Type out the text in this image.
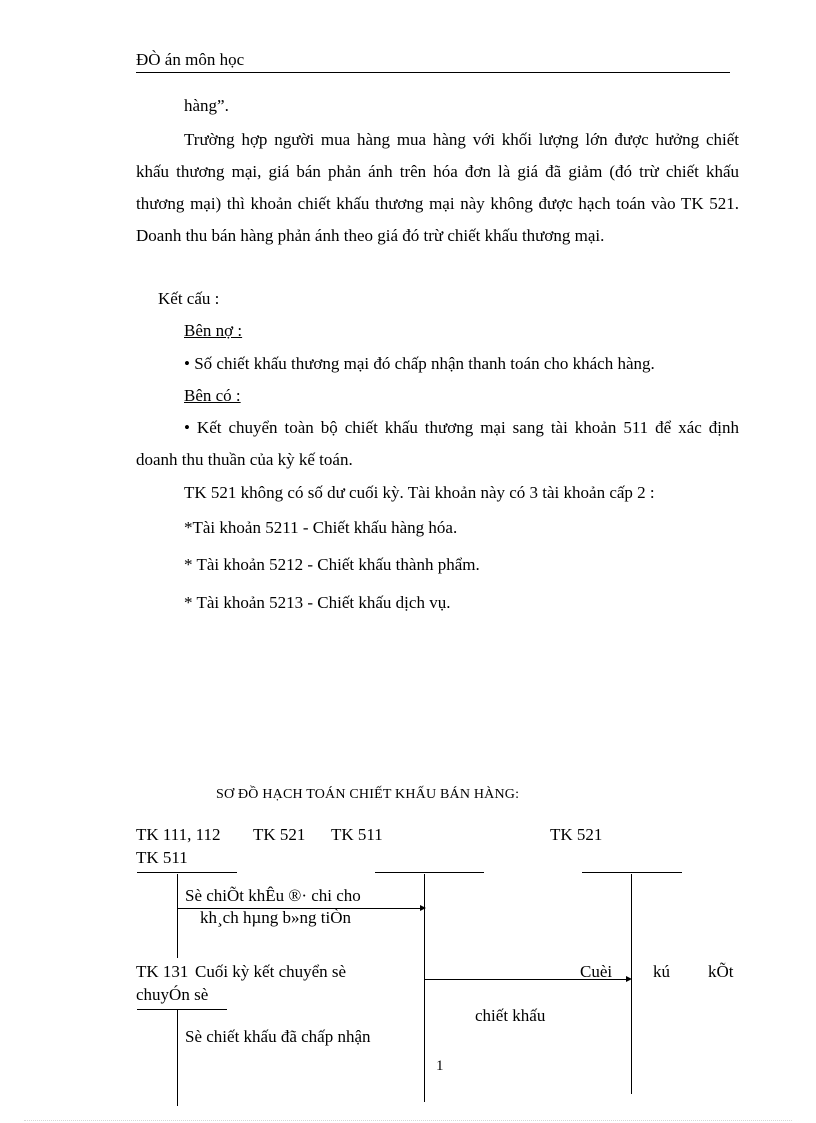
ĐÒ án môn học
hàng”.
Trường hợp người mua hàng mua hàng với khối lượng lớn được hưởng chiết khấu thương mại, giá bán phản ánh trên hóa đơn là giá đã giảm (đó trừ chiết khấu thương mại) thì khoản chiết khấu thương mại này không được hạch toán vào TK 521. Doanh thu bán hàng phản ánh theo giá đó trừ chiết khấu thương mại.
Kết cấu :
Bên nợ :
• Số chiết khấu thương mại đó chấp nhận thanh toán cho khách hàng.
Bên có :
• Kết chuyển toàn bộ chiết khấu thương mại sang tài khoản 511 để xác định doanh thu thuần của kỳ kế toán.
TK 521 không có số dư cuối kỳ. Tài khoản này có 3 tài khoản cấp 2 :
*Tài khoản 5211 - Chiết khấu hàng hóa.
* Tài khoản 5212 - Chiết khấu thành phẩm.
* Tài khoản 5213 - Chiết khấu dịch vụ.
SƠ ĐỒ HẠCH TOÁN CHIẾT KHẤU BÁN HÀNG:
TK 111, 112 TK 521 TK 511	TK 521
TK 511
Sè chiÕt khÊu ®· chi cho
kh¸ch hµng b»ng tiÒn
TK 131 Cuối kỳ kết chuyển sè
chuyÓn sè
Cuèi kú kÕt
chiết khấu
Sè chiết khấu đã chấp nhận
1
